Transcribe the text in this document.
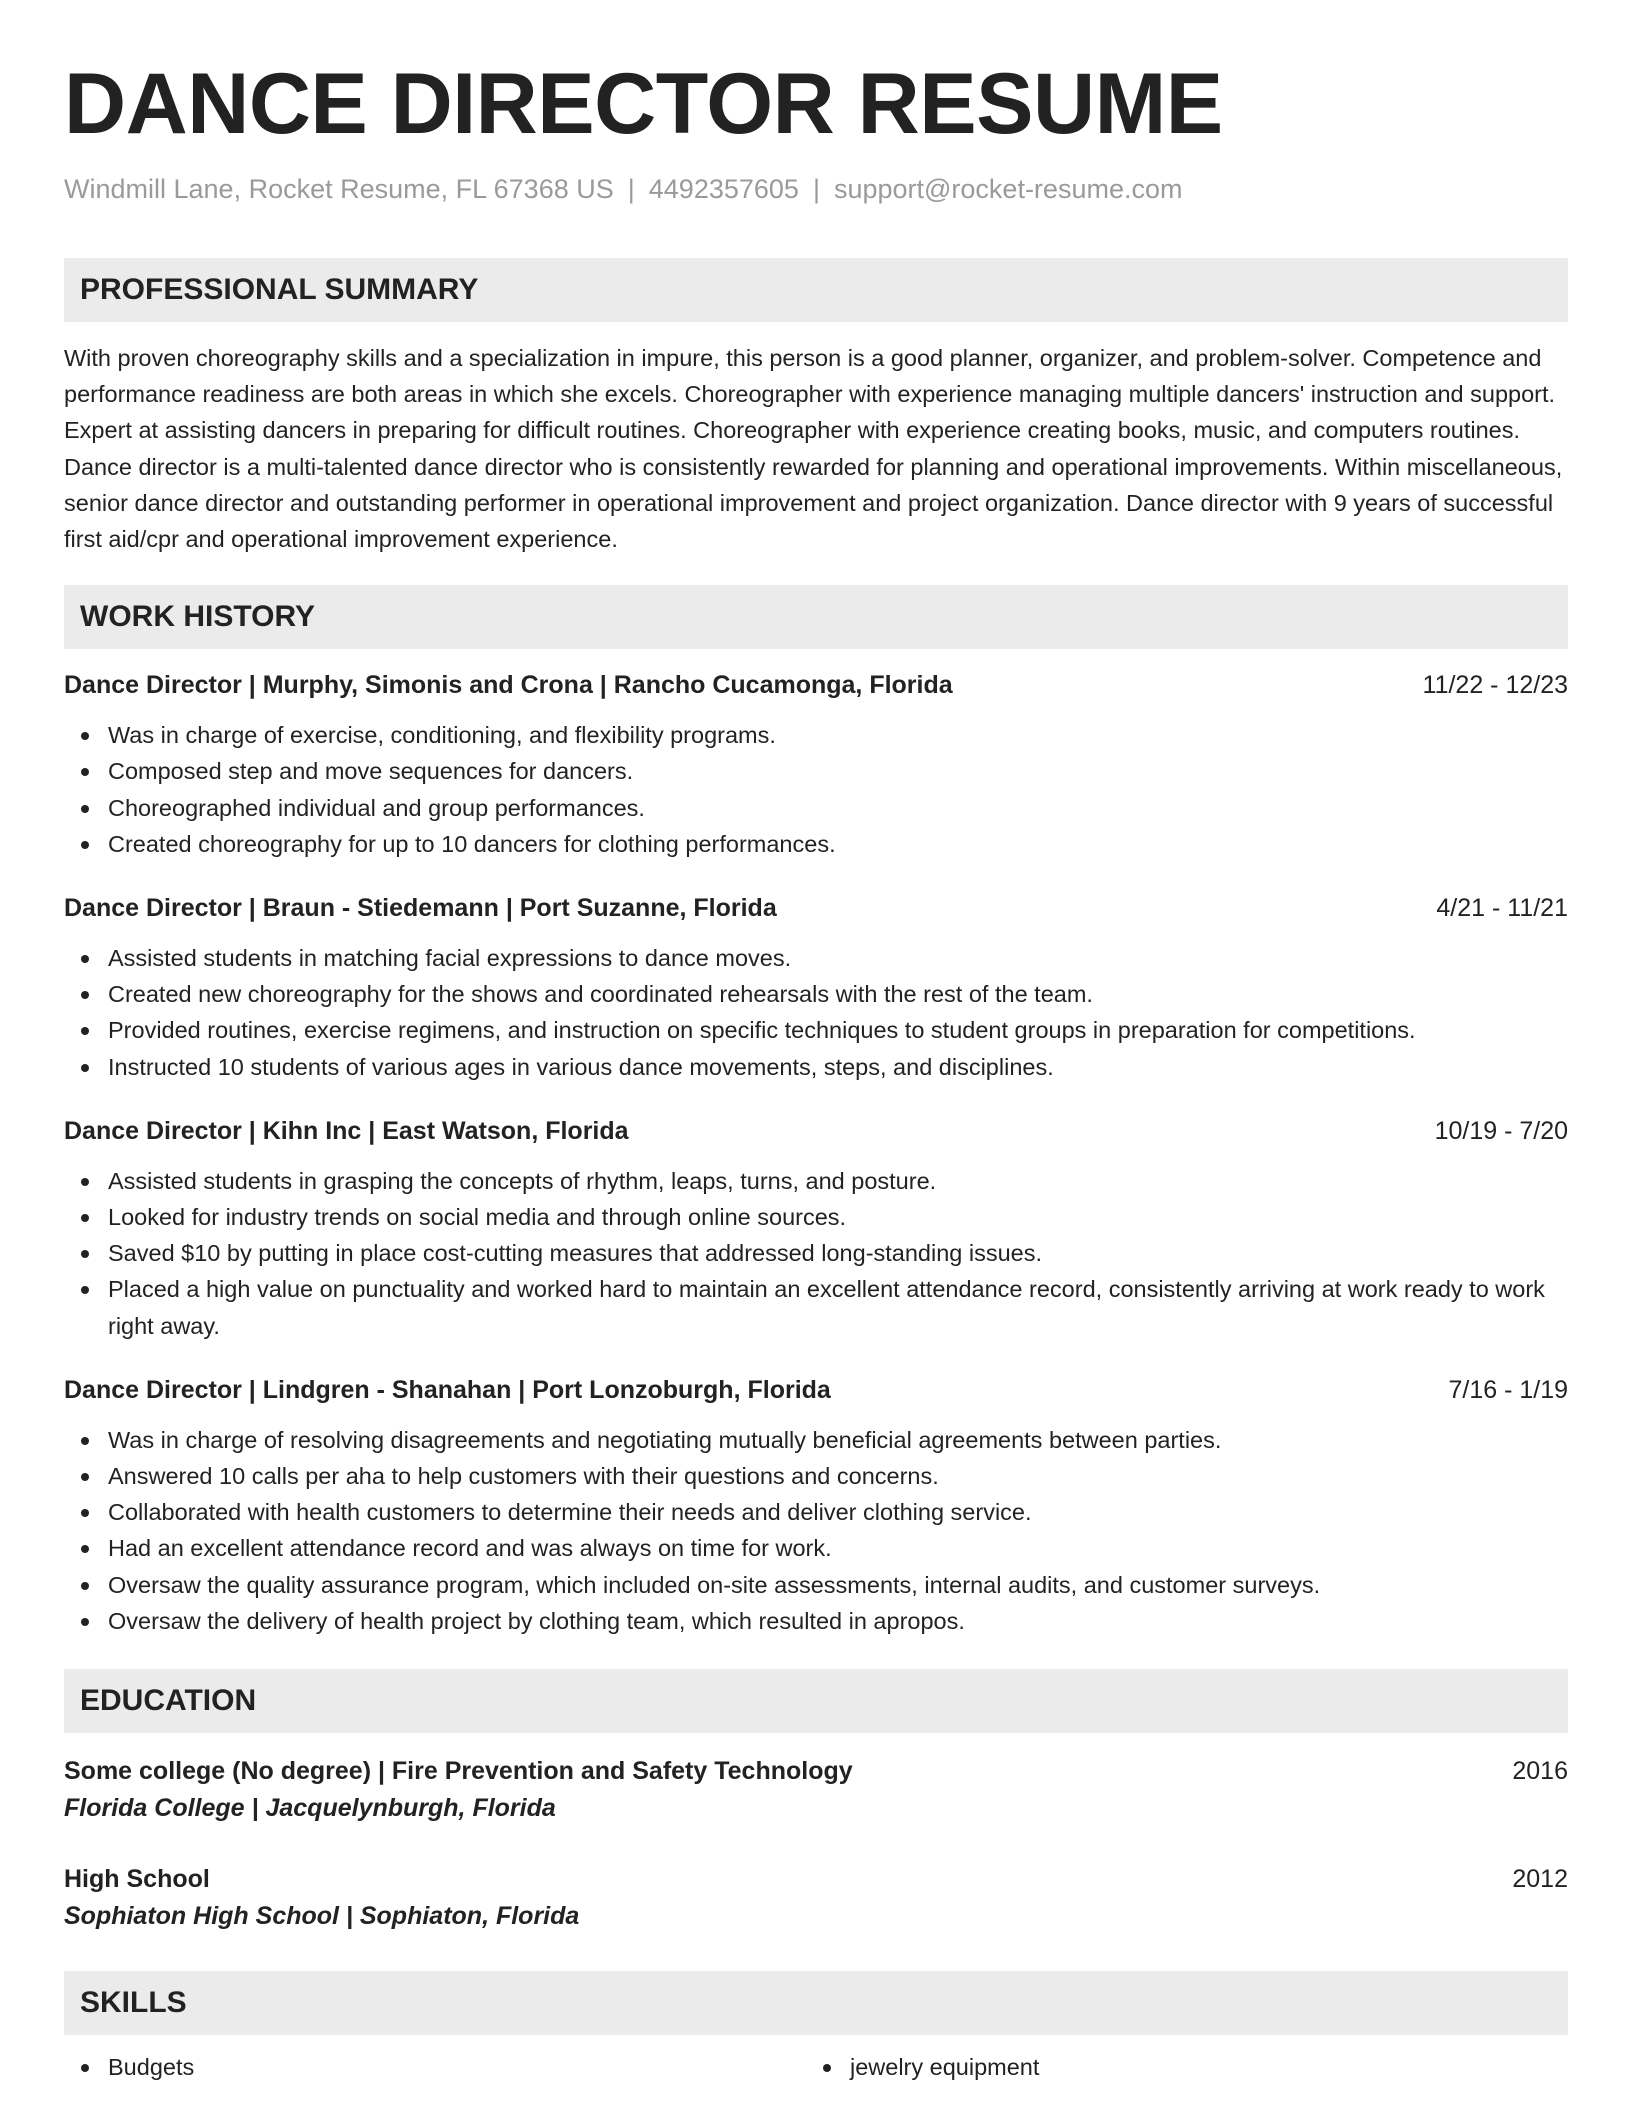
DANCE DIRECTOR RESUME
Windmill Lane, Rocket Resume, FL 67368 US | 4492357605 | support@rocket-resume.com
PROFESSIONAL SUMMARY
With proven choreography skills and a specialization in impure, this person is a good planner, organizer, and problem-solver. Competence and performance readiness are both areas in which she excels. Choreographer with experience managing multiple dancers' instruction and support. Expert at assisting dancers in preparing for difficult routines. Choreographer with experience creating books, music, and computers routines. Dance director is a multi-talented dance director who is consistently rewarded for planning and operational improvements. Within miscellaneous, senior dance director and outstanding performer in operational improvement and project organization. Dance director with 9 years of successful first aid/cpr and operational improvement experience.
WORK HISTORY
Dance Director | Murphy, Simonis and Crona | Rancho Cucamonga, Florida	11/22 - 12/23
Was in charge of exercise, conditioning, and flexibility programs.
Composed step and move sequences for dancers.
Choreographed individual and group performances.
Created choreography for up to 10 dancers for clothing performances.
Dance Director | Braun - Stiedemann | Port Suzanne, Florida	4/21 - 11/21
Assisted students in matching facial expressions to dance moves.
Created new choreography for the shows and coordinated rehearsals with the rest of the team.
Provided routines, exercise regimens, and instruction on specific techniques to student groups in preparation for competitions.
Instructed 10 students of various ages in various dance movements, steps, and disciplines.
Dance Director | Kihn Inc | East Watson, Florida	10/19 - 7/20
Assisted students in grasping the concepts of rhythm, leaps, turns, and posture.
Looked for industry trends on social media and through online sources.
Saved $10 by putting in place cost-cutting measures that addressed long-standing issues.
Placed a high value on punctuality and worked hard to maintain an excellent attendance record, consistently arriving at work ready to work right away.
Dance Director | Lindgren - Shanahan | Port Lonzoburgh, Florida	7/16 - 1/19
Was in charge of resolving disagreements and negotiating mutually beneficial agreements between parties.
Answered 10 calls per aha to help customers with their questions and concerns.
Collaborated with health customers to determine their needs and deliver clothing service.
Had an excellent attendance record and was always on time for work.
Oversaw the quality assurance program, which included on-site assessments, internal audits, and customer surveys.
Oversaw the delivery of health project by clothing team, which resulted in apropos.
EDUCATION
Some college (No degree) | Fire Prevention and Safety Technology	2016
Florida College | Jacquelynburgh, Florida
High School	2012
Sophiaton High School | Sophiaton, Florida
SKILLS
Budgets	jewelry equipment
